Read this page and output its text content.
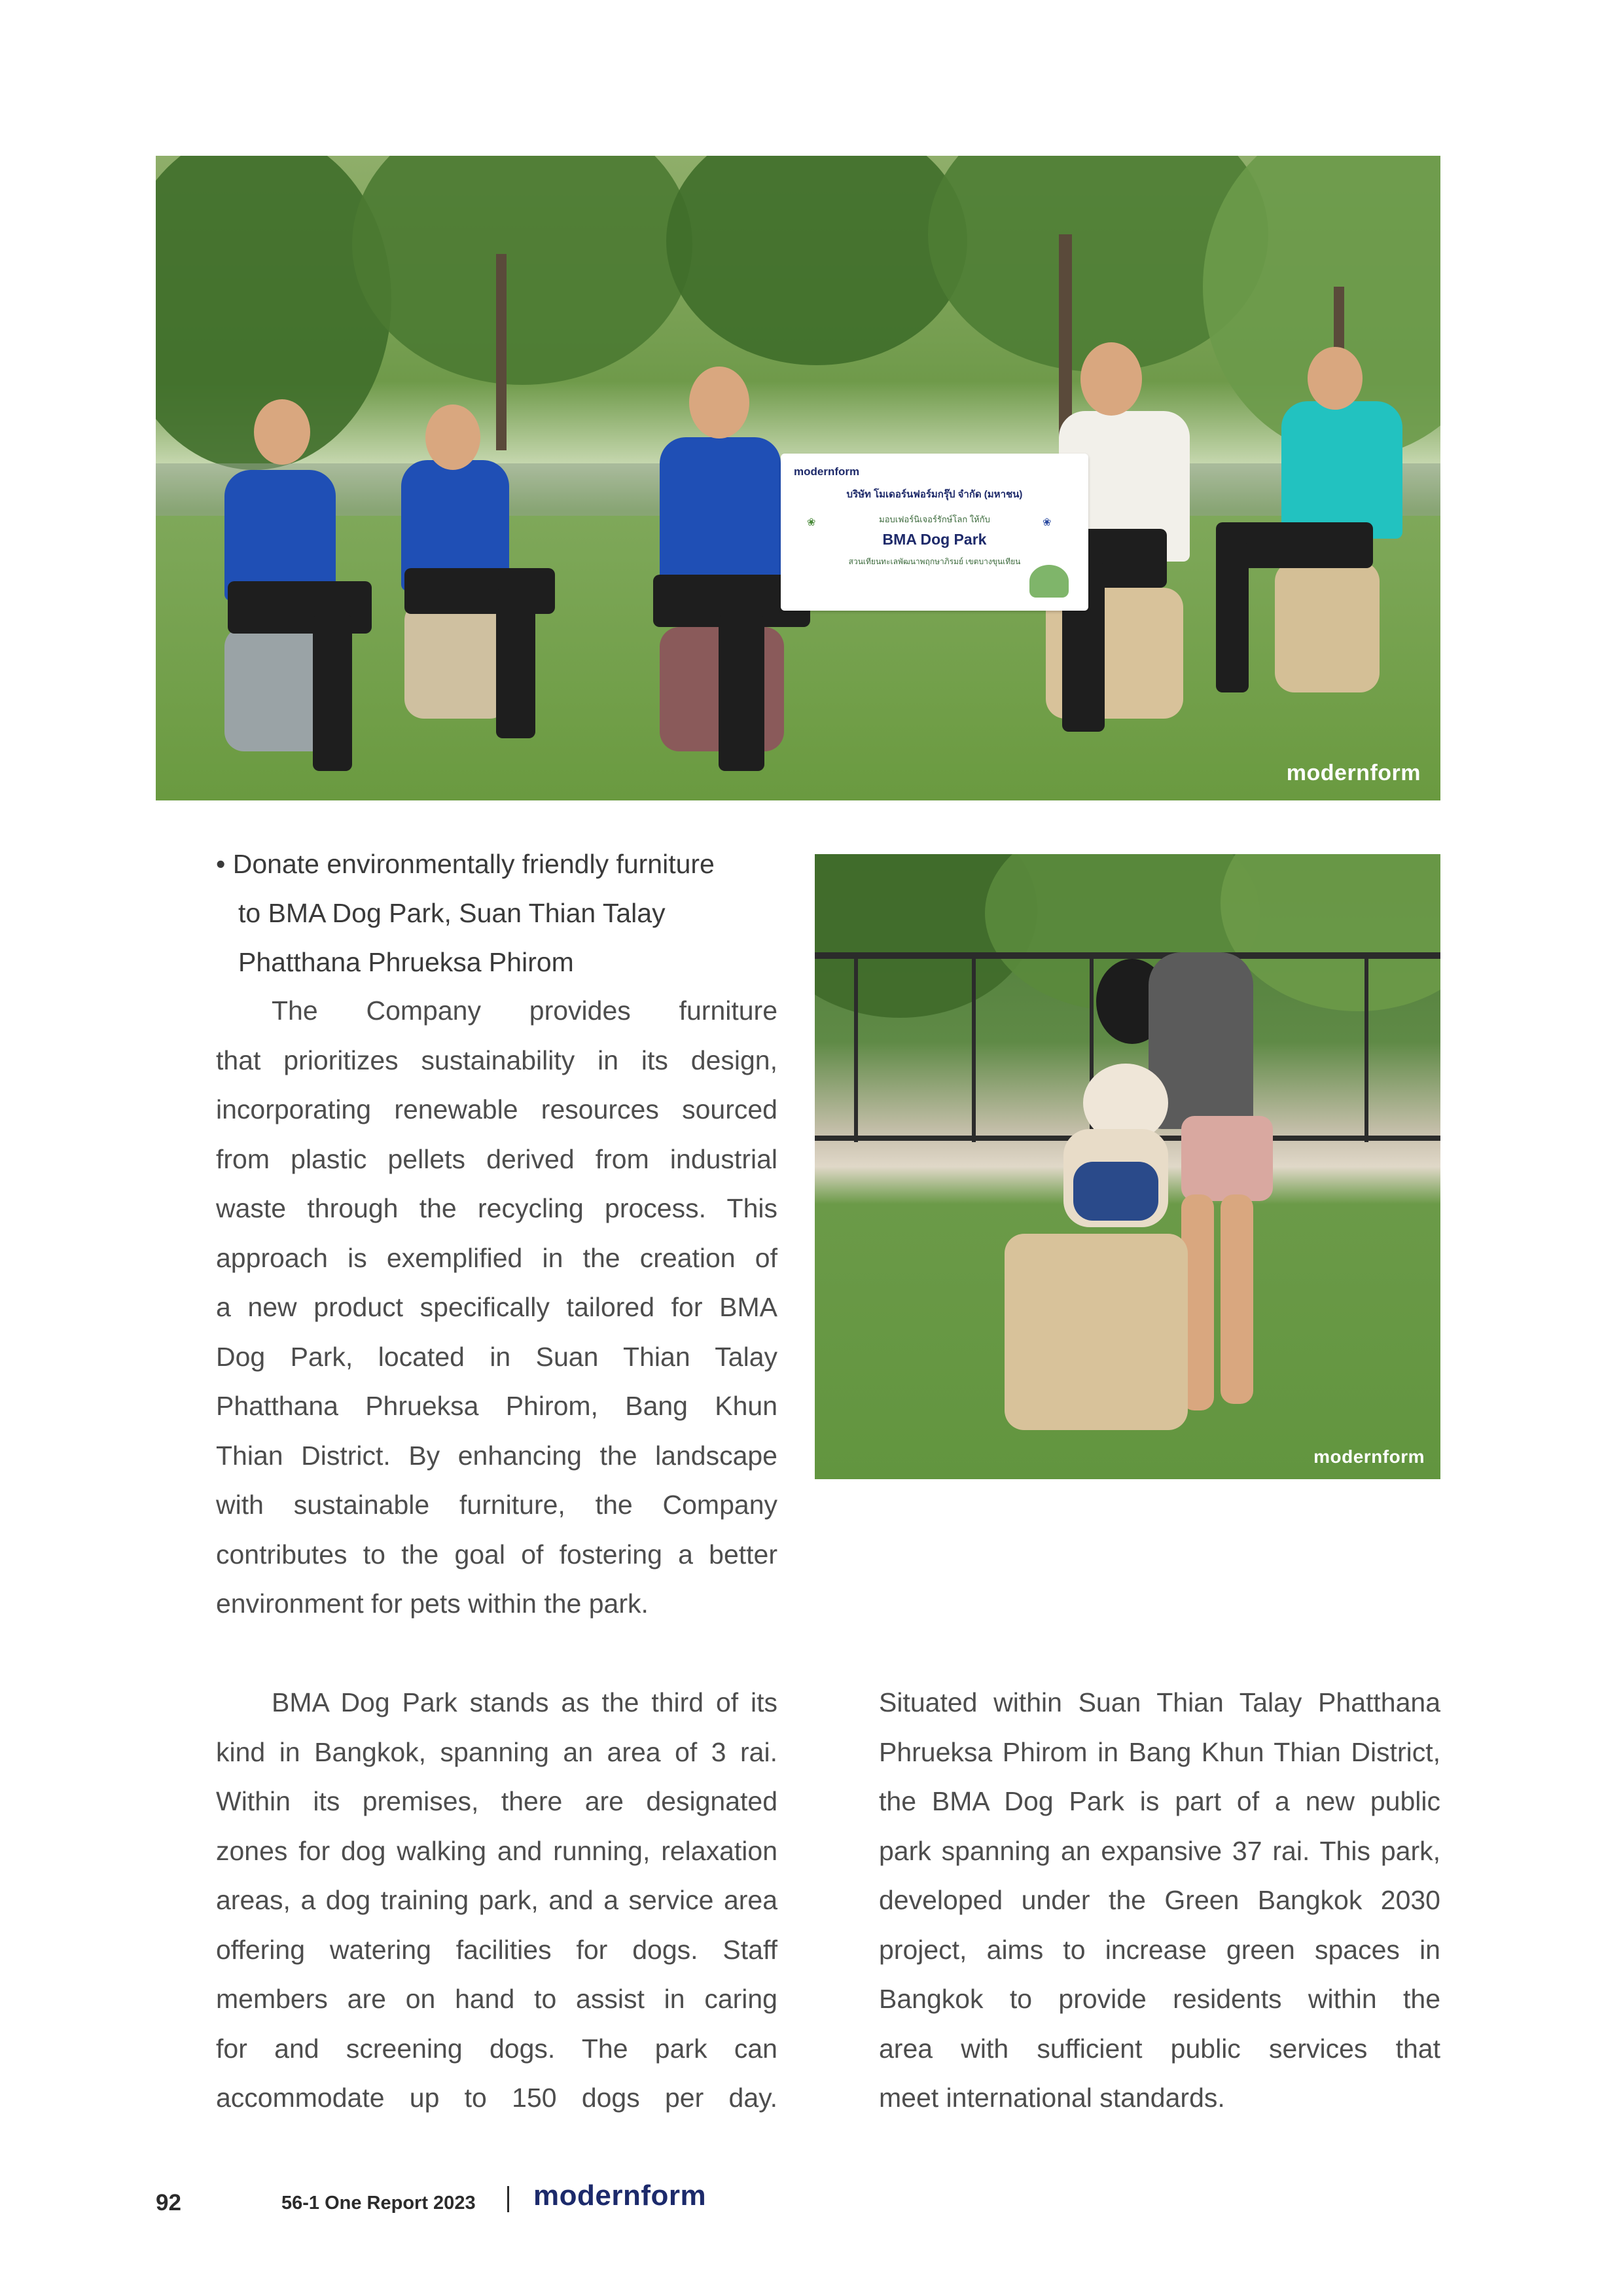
modernform
บริษัท โมเดอร์นฟอร์มกรุ๊ป จำกัด (มหาชน)
มอบเฟอร์นิเจอร์รักษ์โลก ให้กับ
BMA Dog Park
สวนเทียนทะเลพัฒนาพฤกษาภิรมย์ เขตบางขุนเทียน
❀	❀
modernform
• Donate environmentally friendly furniture
to BMA Dog Park, Suan Thian Talay
Phatthana Phrueksa Phirom
The Company provides furniture
that prioritizes sustainability in its design,
incorporating renewable resources sourced
from plastic pellets derived from industrial
waste through the recycling process. This
approach is exemplified in the creation of
a new product specifically tailored for BMA
Dog Park, located in Suan Thian Talay
Phatthana Phrueksa Phirom, Bang Khun
Thian District. By enhancing the landscape
with sustainable furniture, the Company
contributes to the goal of fostering a better
environment for pets within the park.
modernform
BMA Dog Park stands as the third of its
kind in Bangkok, spanning an area of 3 rai.
Within its premises, there are designated
zones for dog walking and running, relaxation
areas, a dog training park, and a service area
offering watering facilities for dogs. Staff
members are on hand to assist in caring
for and screening dogs. The park can
accommodate up to 150 dogs per day.
Situated within Suan Thian Talay Phatthana
Phrueksa Phirom in Bang Khun Thian District,
the BMA Dog Park is part of a new public
park spanning an expansive 37 rai. This park,
developed under the Green Bangkok 2030
project, aims to increase green spaces in
Bangkok to provide residents within the
area with sufficient public services that
meet international standards.
92	56-1 One Report 2023 modernform
